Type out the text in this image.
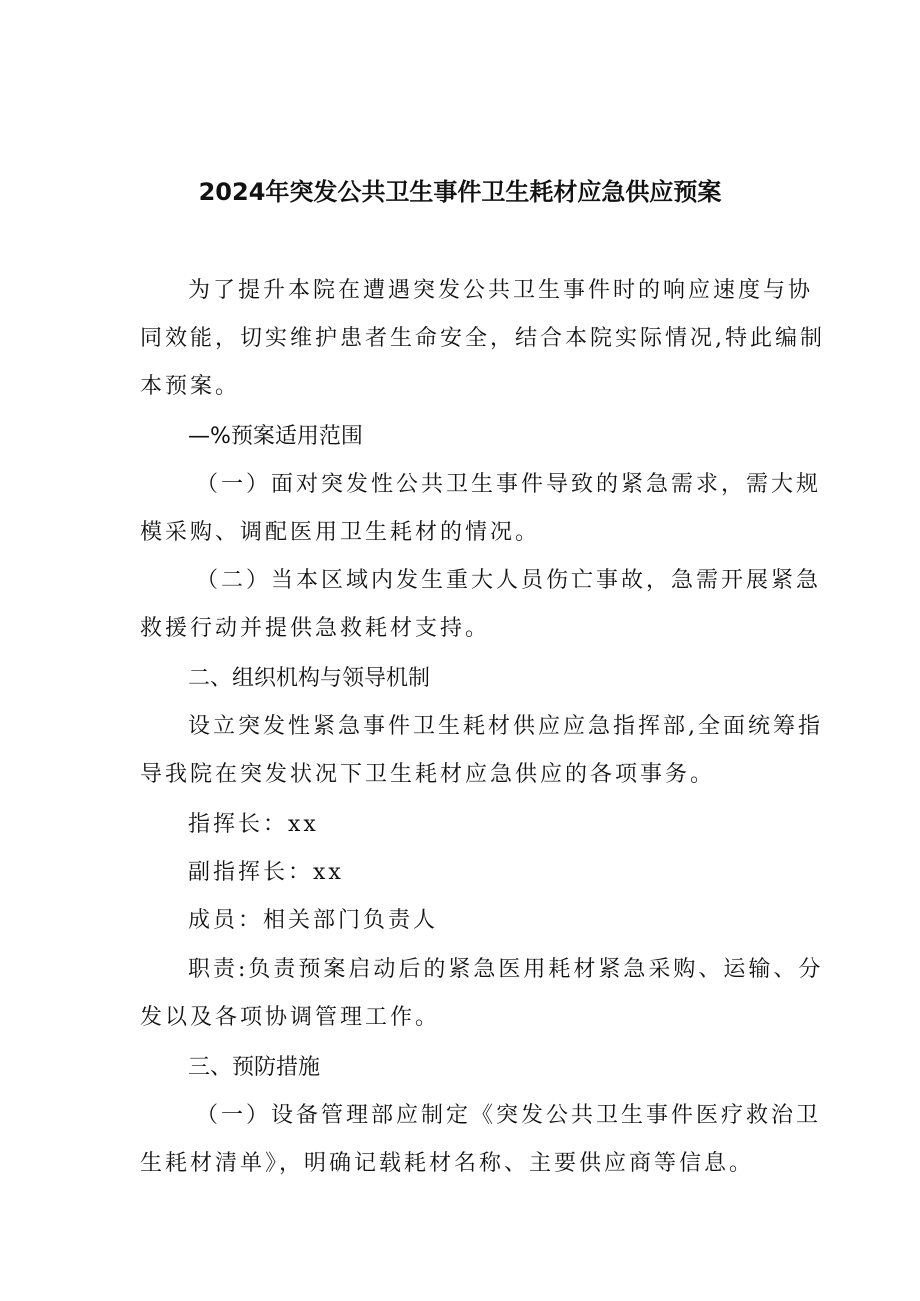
2024年突发公共卫生事件卫生耗材应急供应预案
为了提升本院在遭遇突发公共卫生事件时的响应速度与协
同效能，切实维护患者生命安全，结合本院实际情况,特此编制
本预案。
—%预案适用范围
（一）面对突发性公共卫生事件导致的紧急需求，需大规
模采购、调配医用卫生耗材的情况。
（二）当本区域内发生重大人员伤亡事故，急需开展紧急
救援行动并提供急救耗材支持。
二、组织机构与领导机制
设立突发性紧急事件卫生耗材供应应急指挥部,全面统筹指
导我院在突发状况下卫生耗材应急供应的各项事务。
指挥长：xx
副指挥长：xx
成员：相关部门负责人
职责:负责预案启动后的紧急医用耗材紧急采购、运输、分
发以及各项协调管理工作。
三、预防措施
（一）设备管理部应制定《突发公共卫生事件医疗救治卫
生耗材清单》，明确记载耗材名称、主要供应商等信息。
